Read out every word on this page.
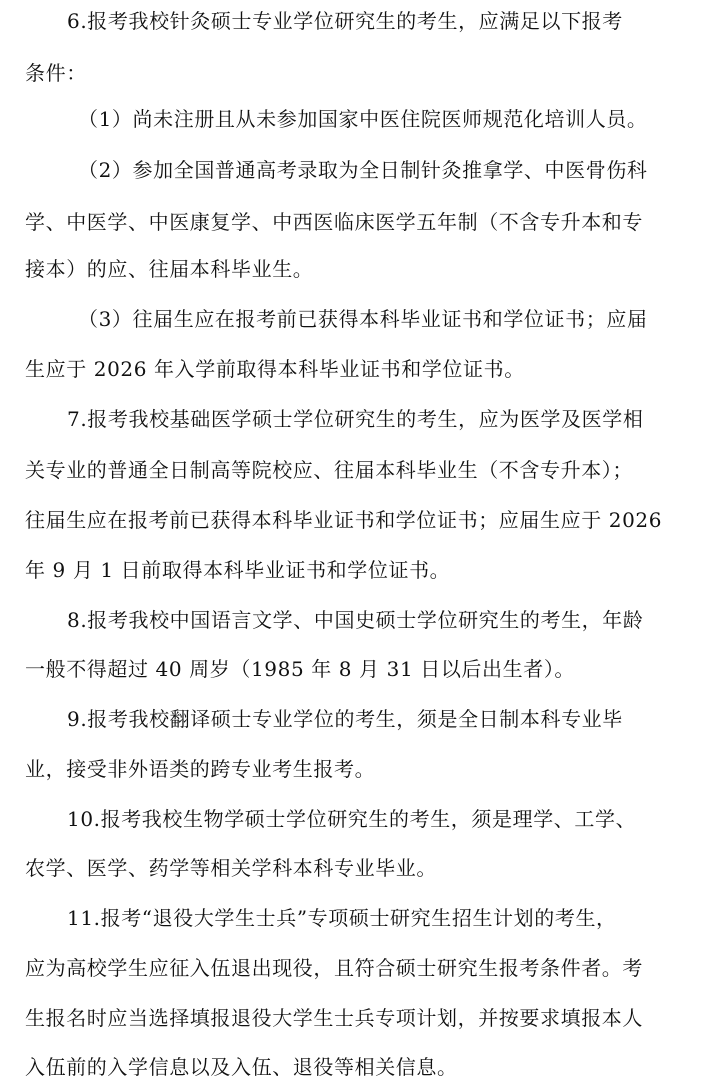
6.报考我校针灸硕士专业学位研究生的考生，应满足以下报考
条件：
（1）尚未注册且从未参加国家中医住院医师规范化培训人员。
（2）参加全国普通高考录取为全日制针灸推拿学、中医骨伤科
学、中医学、中医康复学、中西医临床医学五年制（不含专升本和专
接本）的应、往届本科毕业生。
（3）往届生应在报考前已获得本科毕业证书和学位证书；应届
生应于 2026 年入学前取得本科毕业证书和学位证书。
7.报考我校基础医学硕士学位研究生的考生，应为医学及医学相
关专业的普通全日制高等院校应、往届本科毕业生（不含专升本）；
往届生应在报考前已获得本科毕业证书和学位证书；应届生应于 2026
年 9 月 1 日前取得本科毕业证书和学位证书。
8.报考我校中国语言文学、中国史硕士学位研究生的考生，年龄
一般不得超过 40 周岁（1985 年 8 月 31 日以后出生者）。
9.报考我校翻译硕士专业学位的考生，须是全日制本科专业毕
业，接受非外语类的跨专业考生报考。
10.报考我校生物学硕士学位研究生的考生，须是理学、工学、
农学、医学、药学等相关学科本科专业毕业。
11.报考“退役大学生士兵”专项硕士研究生招生计划的考生，
应为高校学生应征入伍退出现役，且符合硕士研究生报考条件者。考
生报名时应当选择填报退役大学生士兵专项计划，并按要求填报本人
入伍前的入学信息以及入伍、退役等相关信息。
